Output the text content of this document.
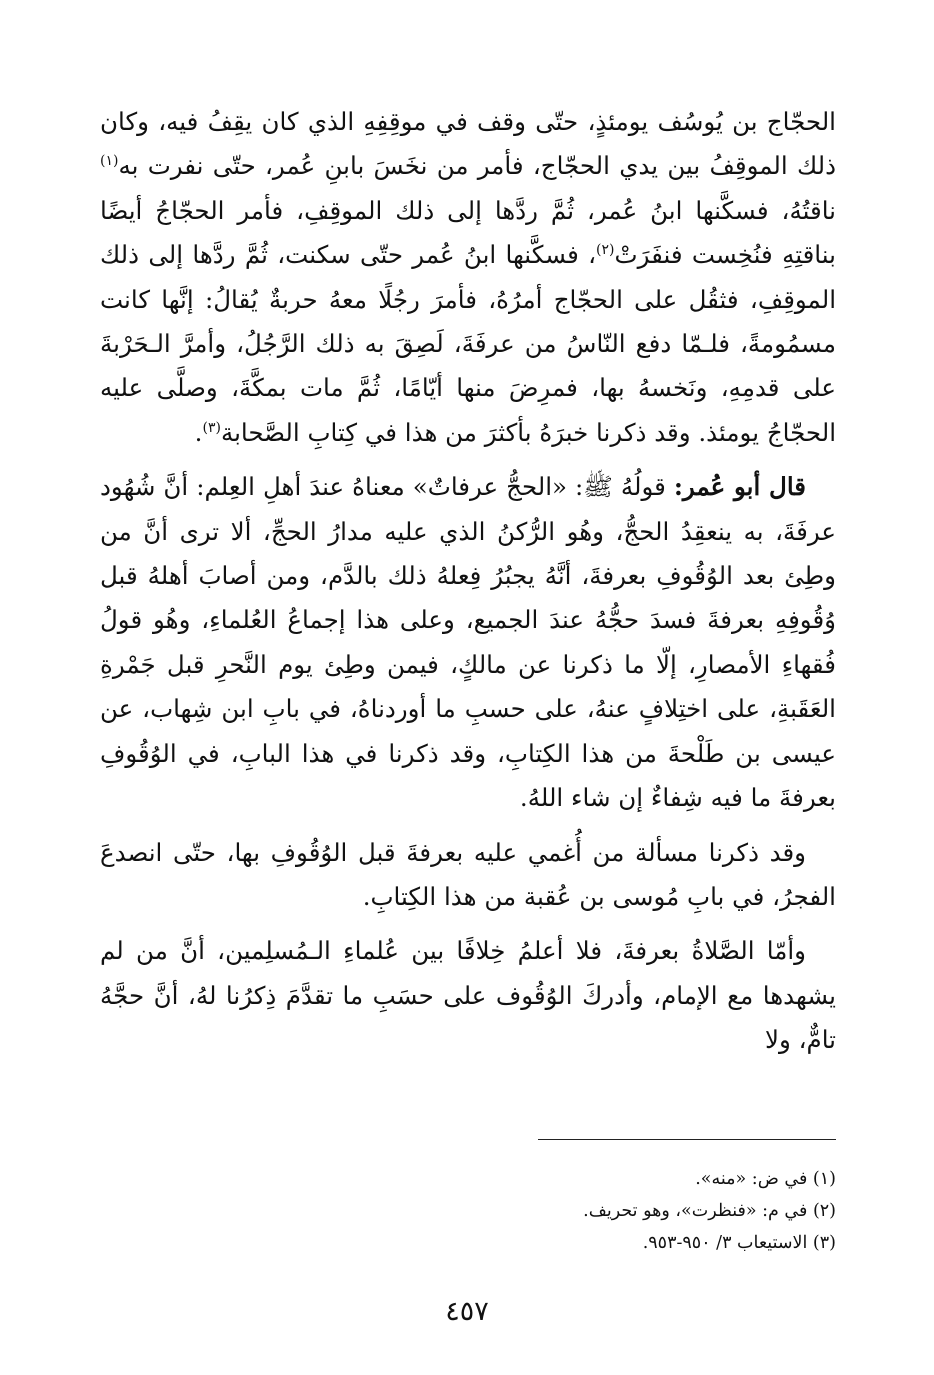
الحجّاج بن يُوسُف يومئذٍ، حتّى وقف في موقِفِهِ الذي كان يقِفُ فيه، وكان ذلك الموقِفُ بين يدي الحجّاج، فأمر من نخَسَ بابنِ عُمر، حتّى نفرت به$^{(١)}$ ناقتُهُ، فسكَّنها ابنُ عُمر، ثُمَّ ردَّها إلى ذلك الموقِفِ، فأمر الحجّاجُ أيضًا بناقتِهِ فنُخِست فنفَرَتْ$^{(٢)}$، فسكَّنها ابنُ عُمر حتّى سكنت، ثُمَّ ردَّها إلى ذلك الموقِفِ، فثقُل على الحجّاج أمرُهُ، فأمرَ رجُلًا معهُ حربةٌ يُقالُ: إنَّها كانت مسمُومةً، فلـمّا دفع النّاسُ من عرفَةَ، لَصِقَ به ذلك الرَّجُلُ، وأمرَّ الـحَرْبةَ على قدمِهِ، ونَخسهُ بها، فمرِضَ منها أيّامًا، ثُمَّ مات بمكَّةَ، وصلَّى عليه الحجّاجُ يومئذ. وقد ذكرنا خبرَهُ بأكثرَ من هذا في كِتابِ الصَّحابة$^{(٣)}$.

قال أبو عُمر: قولُهُ ﷺ: «الحجُّ عرفاتٌ» معناهُ عندَ أهلِ العِلم: أنَّ شُهُود عرفَةَ، به ينعقِدُ الحجُّ، وهُو الرُّكنُ الذي عليه مدارُ الحجِّ، ألا ترى أنَّ من وطِئ بعد الوُقُوفِ بعرفةَ، أنَّهُ يجبُرُ فِعلهُ ذلك بالدَّم، ومن أصابَ أهلهُ قبل وُقُوفِهِ بعرفةَ فسدَ حجُّهُ عندَ الجميع، وعلى هذا إجماعُ العُلماءِ، وهُو قولُ فُقهاءِ الأمصارِ، إلّا ما ذكرنا عن مالكٍ، فيمن وطِئ يوم النَّحرِ قبل جَمْرةِ العَقَبةِ، على اختِلافٍ عنهُ، على حسبِ ما أوردناهُ، في بابِ ابن شِهاب، عن عيسى بن طَلْحةَ من هذا الكِتابِ، وقد ذكرنا في هذا البابِ، في الوُقُوفِ بعرفةَ ما فيه شِفاءٌ إن شاء اللهُ.

وقد ذكرنا مسألة من أُغمي عليه بعرفةَ قبل الوُقُوفِ بها، حتّى انصدعَ الفجرُ، في بابِ مُوسى بن عُقبة من هذا الكِتابِ.

وأمّا الصَّلاةُ بعرفةَ، فلا أعلمُ خِلافًا بين عُلماءِ الـمُسلِمين، أنَّ من لم يشهدها مع الإمام، وأدركَ الوُقُوف على حسَبِ ما تقدَّمَ ذِكرُنا لهُ، أنَّ حجَّهُ تامٌّ، ولا

(١) في ض: «منه».

(٢) في م: «فنظرت»، وهو تحريف.

(٣) الاستيعاب ٣/ ٩٥٠-٩٥٣.

٤٥٧
